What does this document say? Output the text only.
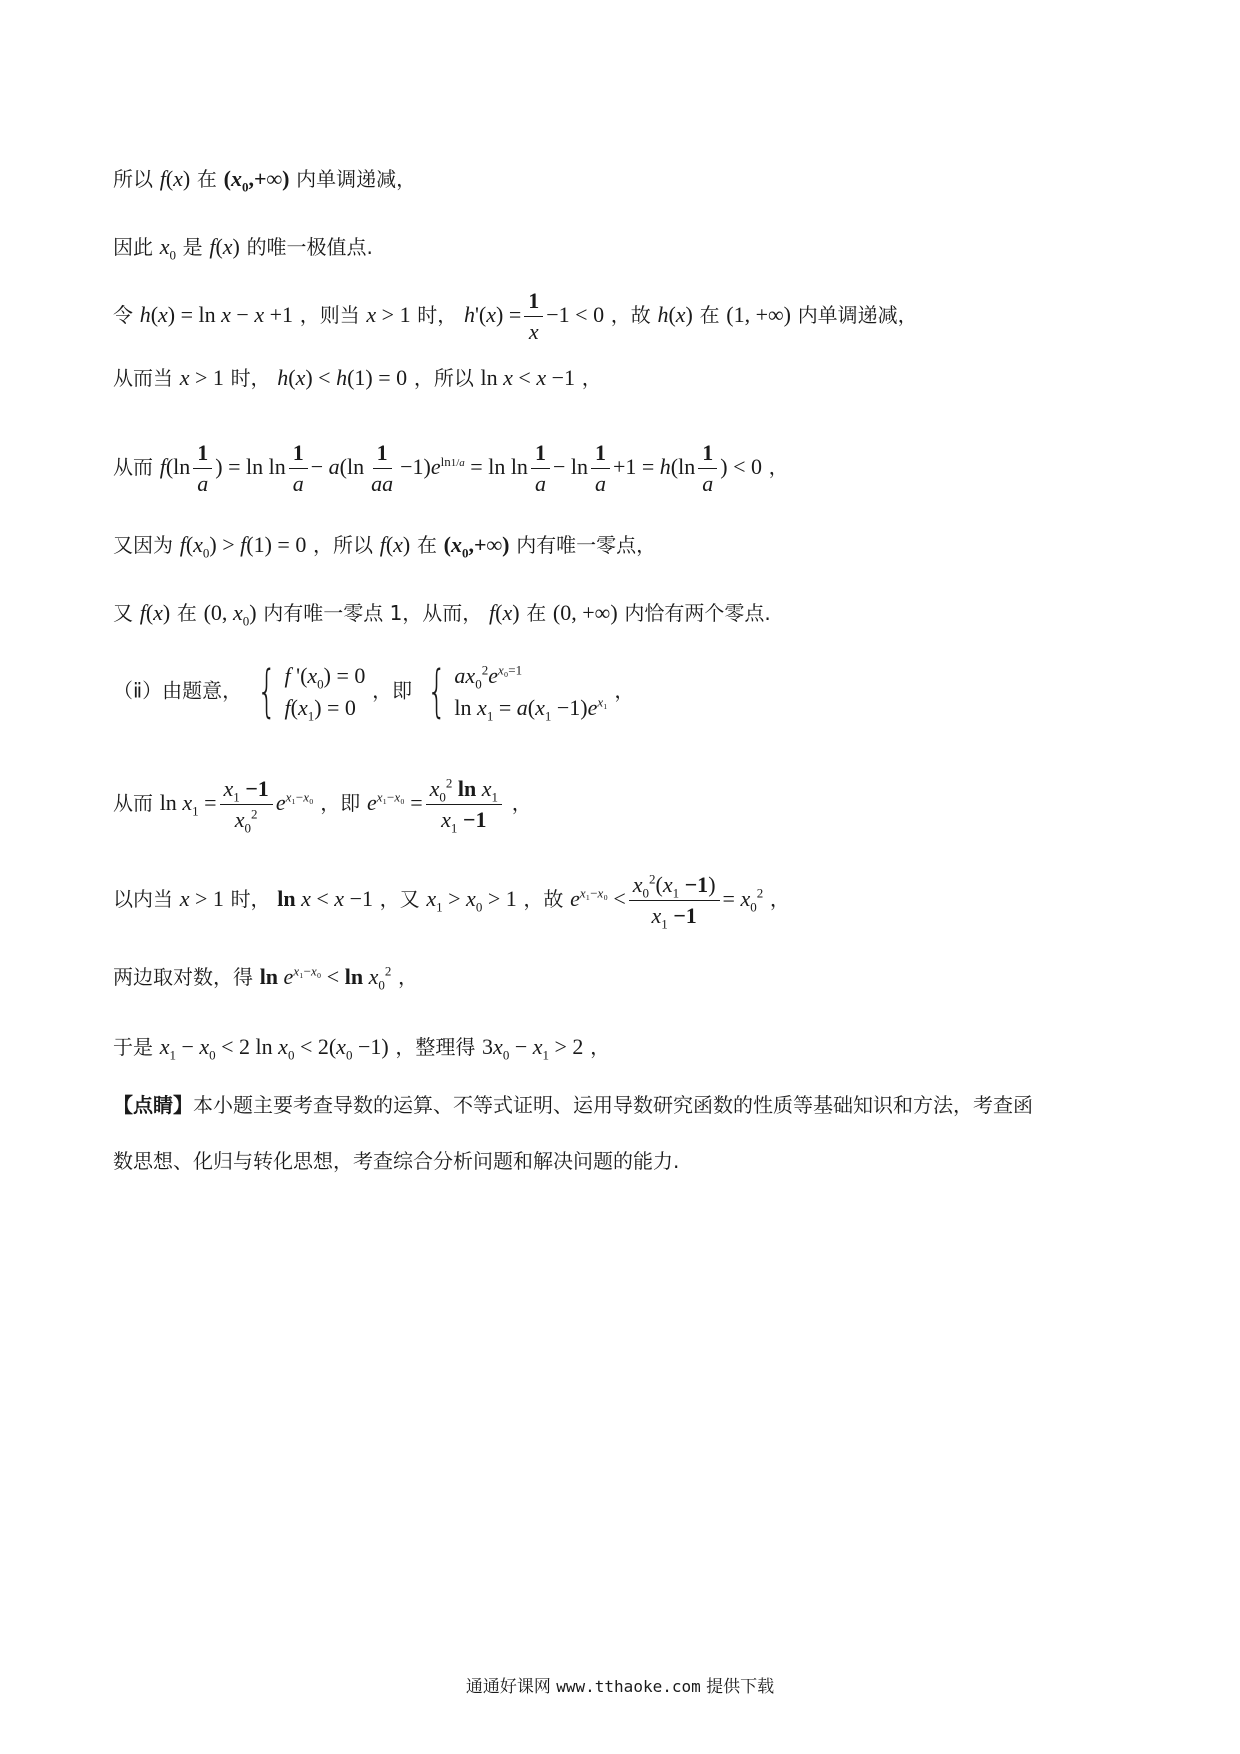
所以 f(x) 在 $(x_0,+\infty)$ 内单调递减，
因此 $x_0$ 是 f(x) 的唯一极值点.
令 h(x) = ln x − x +1 ，则当 x > 1 时， $h'(x) = \frac{1}{x} -1 < 0$ ，故 h(x) 在 (1, +∞) 内单调递减，
从而当 x > 1 时， h(x) < h(1) = 0 ，所以 ln x < x −1 ，
从而 $f(\ln \frac{1}{a}$ ) = $\ln \ln \frac{1}{a} - a(\ln \frac{1}{aa} -1)e^{ln1/a} = \ln \ln \frac{1}{a} - \ln \frac{1}{a} +1 = h(\ln \frac{1}{a}$ ) < 0 ，
又因为 $f(x_0) > f(1) = 0$ ，所以 f(x) 在 $(x_0,+\infty)$ 内有唯一零点，
又 f(x) 在 (0, $x_0$) 内有唯一零点 1，从而， f(x) 在 (0, +∞) 内恰有两个零点.
（ⅱ）由题意， { f '$(x_0) = 0$
$f(x_1) = 0$
，即 { $ax_0^2e^{x_0=1}$
$\ln x_1 = a(x_1 -1)e^{x_1}$ ，
从而 $\ln x_1 = \frac{x_1 -1}{x_0^2} e^{x_1-x_0}$ ，即 $e^{x_1-x_0} = \frac{x_0^2 \ln x_1}{x_1 -1}$ ，
以内当 x > 1 时， ln x < x −1 ，又 $x_1 > x_0 > 1$ ，故 $e^{x_1-x_0} < \frac{x_0^2(x_1 -1)}{x_1 -1} = x_0^2$ ，
两边取对数，得 $\ln e^{x_1-x_0} < \ln x_0^2$ ，
于是 $x_1 - x_0 < 2$ $\ln x_0 < 2(x_0 -1)$ ，整理得 $3x_0 - x_1 > 2$ ，
【点睛】本小题主要考查导数的运算、不等式证明、运用导数研究函数的性质等基础知识和方法，考查函
数思想、化归与转化思想，考查综合分析问题和解决问题的能力.
通通好课网 www.tthaoke.com 提供下载
